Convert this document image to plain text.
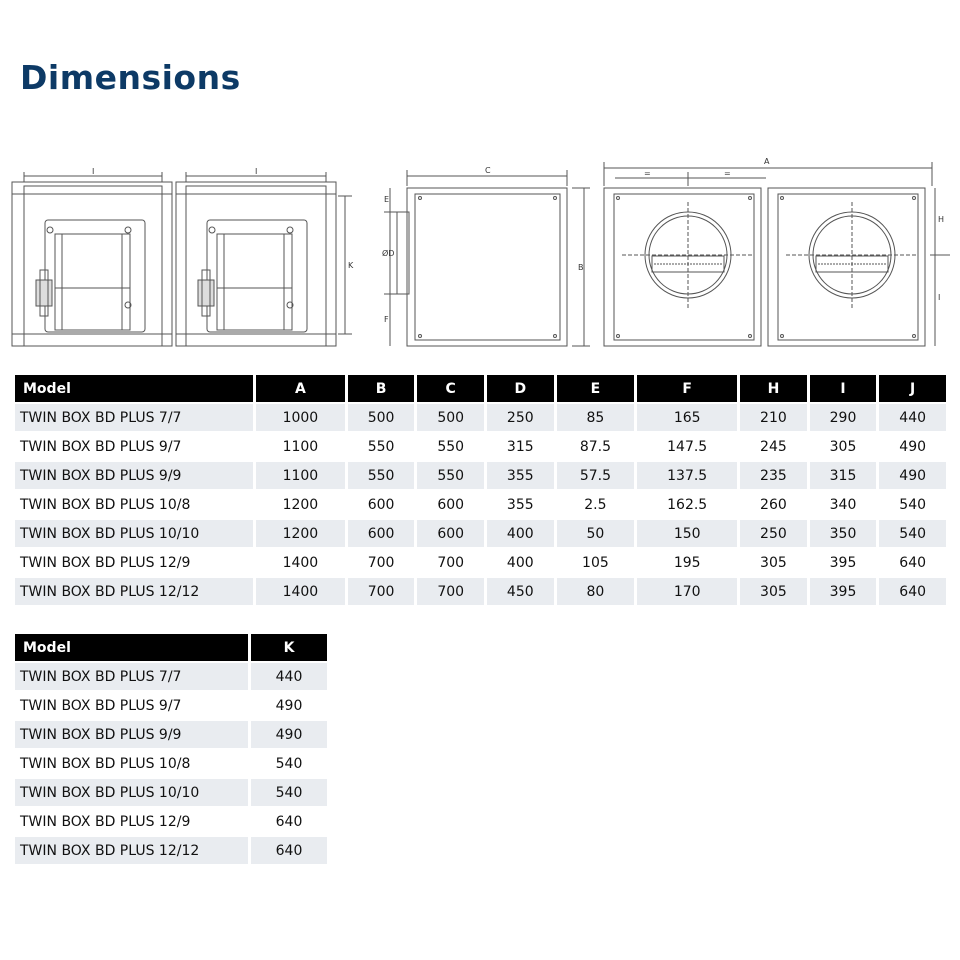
Dimensions
I	I
K
C
B
E
ØD
F
A
=	=
H
I
Model	A	B	C	D	E	F	H	I	J
TWIN BOX BD PLUS 7/7	1000	500	500	250	85	165	210	290	440
TWIN BOX BD PLUS 9/7	1100	550	550	315	87.5	147.5	245	305	490
TWIN BOX BD PLUS 9/9	1100	550	550	355	57.5	137.5	235	315	490
TWIN BOX BD PLUS 10/8	1200	600	600	355	2.5	162.5	260	340	540
TWIN BOX BD PLUS 10/10	1200	600	600	400	50	150	250	350	540
TWIN BOX BD PLUS 12/9	1400	700	700	400	105	195	305	395	640
TWIN BOX BD PLUS 12/12	1400	700	700	450	80	170	305	395	640
Model	K
TWIN BOX BD PLUS 7/7	440
TWIN BOX BD PLUS 9/7	490
TWIN BOX BD PLUS 9/9	490
TWIN BOX BD PLUS 10/8	540
TWIN BOX BD PLUS 10/10	540
TWIN BOX BD PLUS 12/9	640
TWIN BOX BD PLUS 12/12	640
